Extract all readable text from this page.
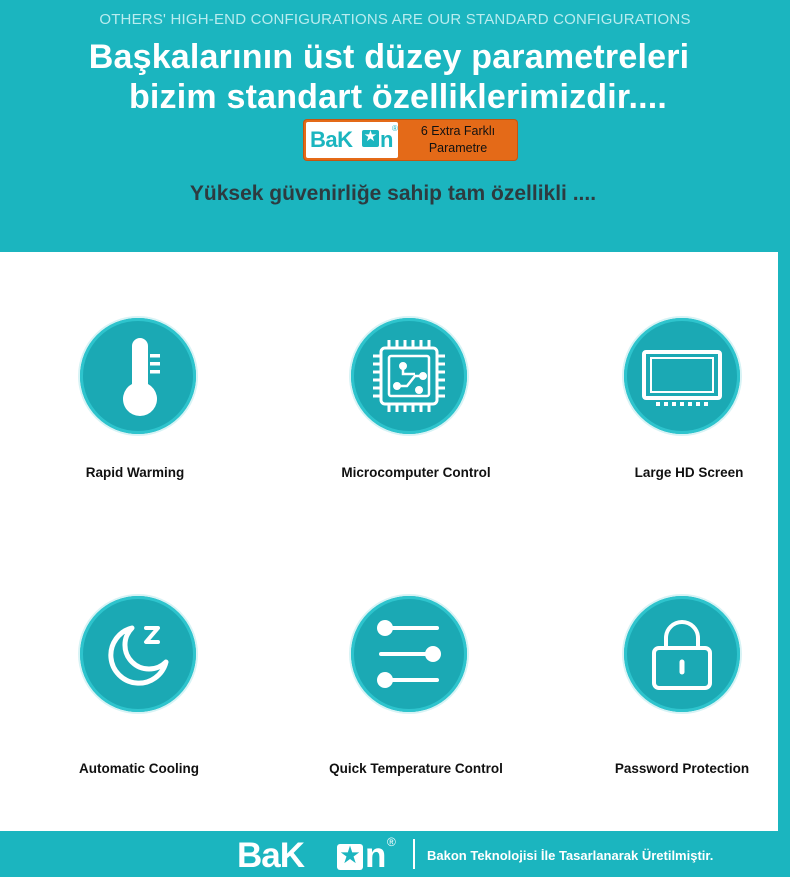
OTHERS' HIGH-END CONFIGURATIONS ARE OUR STANDARD CONFIGURATIONS
Başkalarının üst düzey parametreleri
bizim standart özelliklerimizdir....
BaK ★ n ®	6 Extra Farklı
Parametre
Yüksek güvenirliğe sahip tam özellikli ....
Rapid Warming	Microcomputer Control	Large HD Screen
Automatic Cooling	Quick Temperature Control	Password Protection
BaK ★ n ®
Bakon Teknolojisi İle Tasarlanarak Üretilmiştir.
